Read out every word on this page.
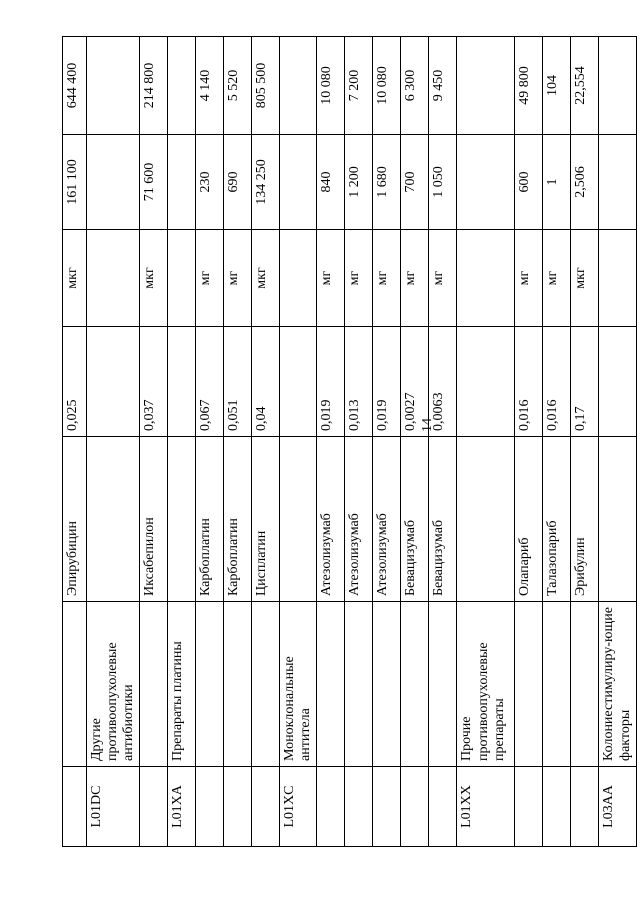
14
		Эпирубицин	0,025	мкг	161 100	644 400
L01DC	Другие противоопухолевые антибиотики					
		Иксабепилон	0,037	мкг	71 600	214 800
L01XA	Препараты платины					
		Карбоплатин	0,067	мг	230	4 140
		Карбоплатин	0,051	мг	690	5 520
		Цисплатин	0,04	мкг	134 250	805 500
L01XC	Моноклональные антитела					
		Атезолизумаб	0,019	мг	840	10 080
		Атезолизумаб	0,013	мг	1 200	7 200
		Атезолизумаб	0,019	мг	1 680	10 080
		Бевацизумаб	0,0027	мг	700	6 300
		Бевацизумаб	0,0063	мг	1 050	9 450
L01XX	Прочие противоопухолевые препараты					
		Олапариб	0,016	мг	600	49 800
		Талазопариб	0,016	мг	1	104
		Эрибулин	0,17	мкг	2,506	22,554
L03AA	Колониестимулиру-ющие факторы					
